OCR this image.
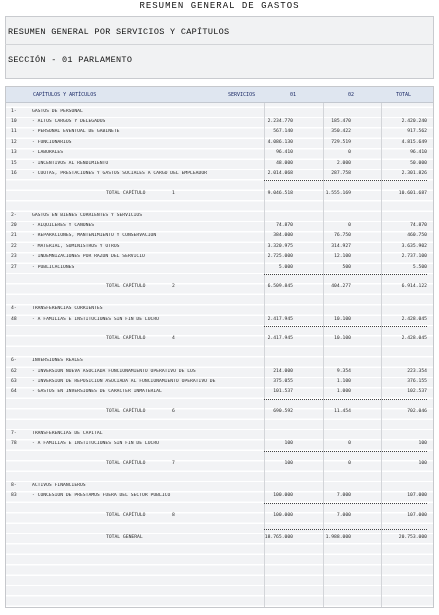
RESUMEN GENERAL DE GASTOS
RESUMEN GENERAL POR SERVICIOS Y CAPÍTULOS
SECCIÓN - 01 PARLAMENTO
CAPÍTULOS Y ARTÍCULOS	SERVICIOS	01	02	TOTAL
1-	GASTOS DE PERSONAL
10	- ALTOS CARGOS Y DELEGADOS	2.234.770	185.470	2.420.240
11	- PERSONAL EVENTUAL DE GABINETE	567.140	350.422	917.562
12	- FUNCIONARIOS	4.086.130	729.519	4.815.649
13	- LABORALES	96.410	0	96.410
15	- INCENTIVOS AL RENDIMIENTO	48.000	2.000	50.000
16	- CUOTAS, PRESTACIONES Y GASTOS SOCIALES A CARGO DEL EMPLEADOR	2.014.068	287.758	2.301.826
TOTAL CAPÍTULO	1	9.046.518	1.555.169	10.601.687
2-	GASTOS EN BIENES CORRIENTES Y SERVICIOS
20	- ALQUILERES Y CÁNONES	74.870	0	74.870
21	- REPARACIONES, MANTENIMIENTO Y CONSERVACIÓN	384.000	76.750	460.750
22	- MATERIAL, SUMINISTROS Y OTROS	3.320.975	314.927	3.635.902
23	- INDEMNIZACIONES POR RAZÓN DEL SERVICIO	2.725.000	12.100	2.737.100
27	- PUBLICACIONES	5.000	500	5.500
TOTAL CAPÍTULO	2	6.509.845	404.277	6.914.122
4-	TRANSFERENCIAS CORRIENTES
48	- A FAMILIAS E INSTITUCIONES SIN FIN DE LUCRO	2.417.945	10.100	2.428.045
TOTAL CAPÍTULO	4	2.417.945	10.100	2.428.045
6-	INVERSIONES REALES
62	- INVERSIÓN NUEVA ASOCIADA FUNCIONAMIENTO OPERATIVO DE LOS	214.000	9.354	223.354
63	- INVERSIÓN DE REPOSICIÓN ASOCIADA AL FUNCIONAMIENTO OPERATIVO DE	375.055	1.100	376.155
64	- GASTOS EN INVERSIONES DE CARÁCTER INMATERIAL	101.537	1.000	102.537
TOTAL CAPÍTULO	6	690.592	11.454	702.046
7-	TRANSFERENCIAS DE CAPITAL
78	- A FAMILIAS E INSTITUCIONES SIN FIN DE LUCRO	100	0	100
TOTAL CAPÍTULO	7	100	0	100
8-	ACTIVOS FINANCIEROS
83	- CONCESIÓN DE PRÉSTAMOS FUERA DEL SECTOR PÚBLICO	100.000	7.000	107.000
TOTAL CAPÍTULO	8	100.000	7.000	107.000
TOTAL GENERAL	18.765.000	1.988.000	20.753.000
